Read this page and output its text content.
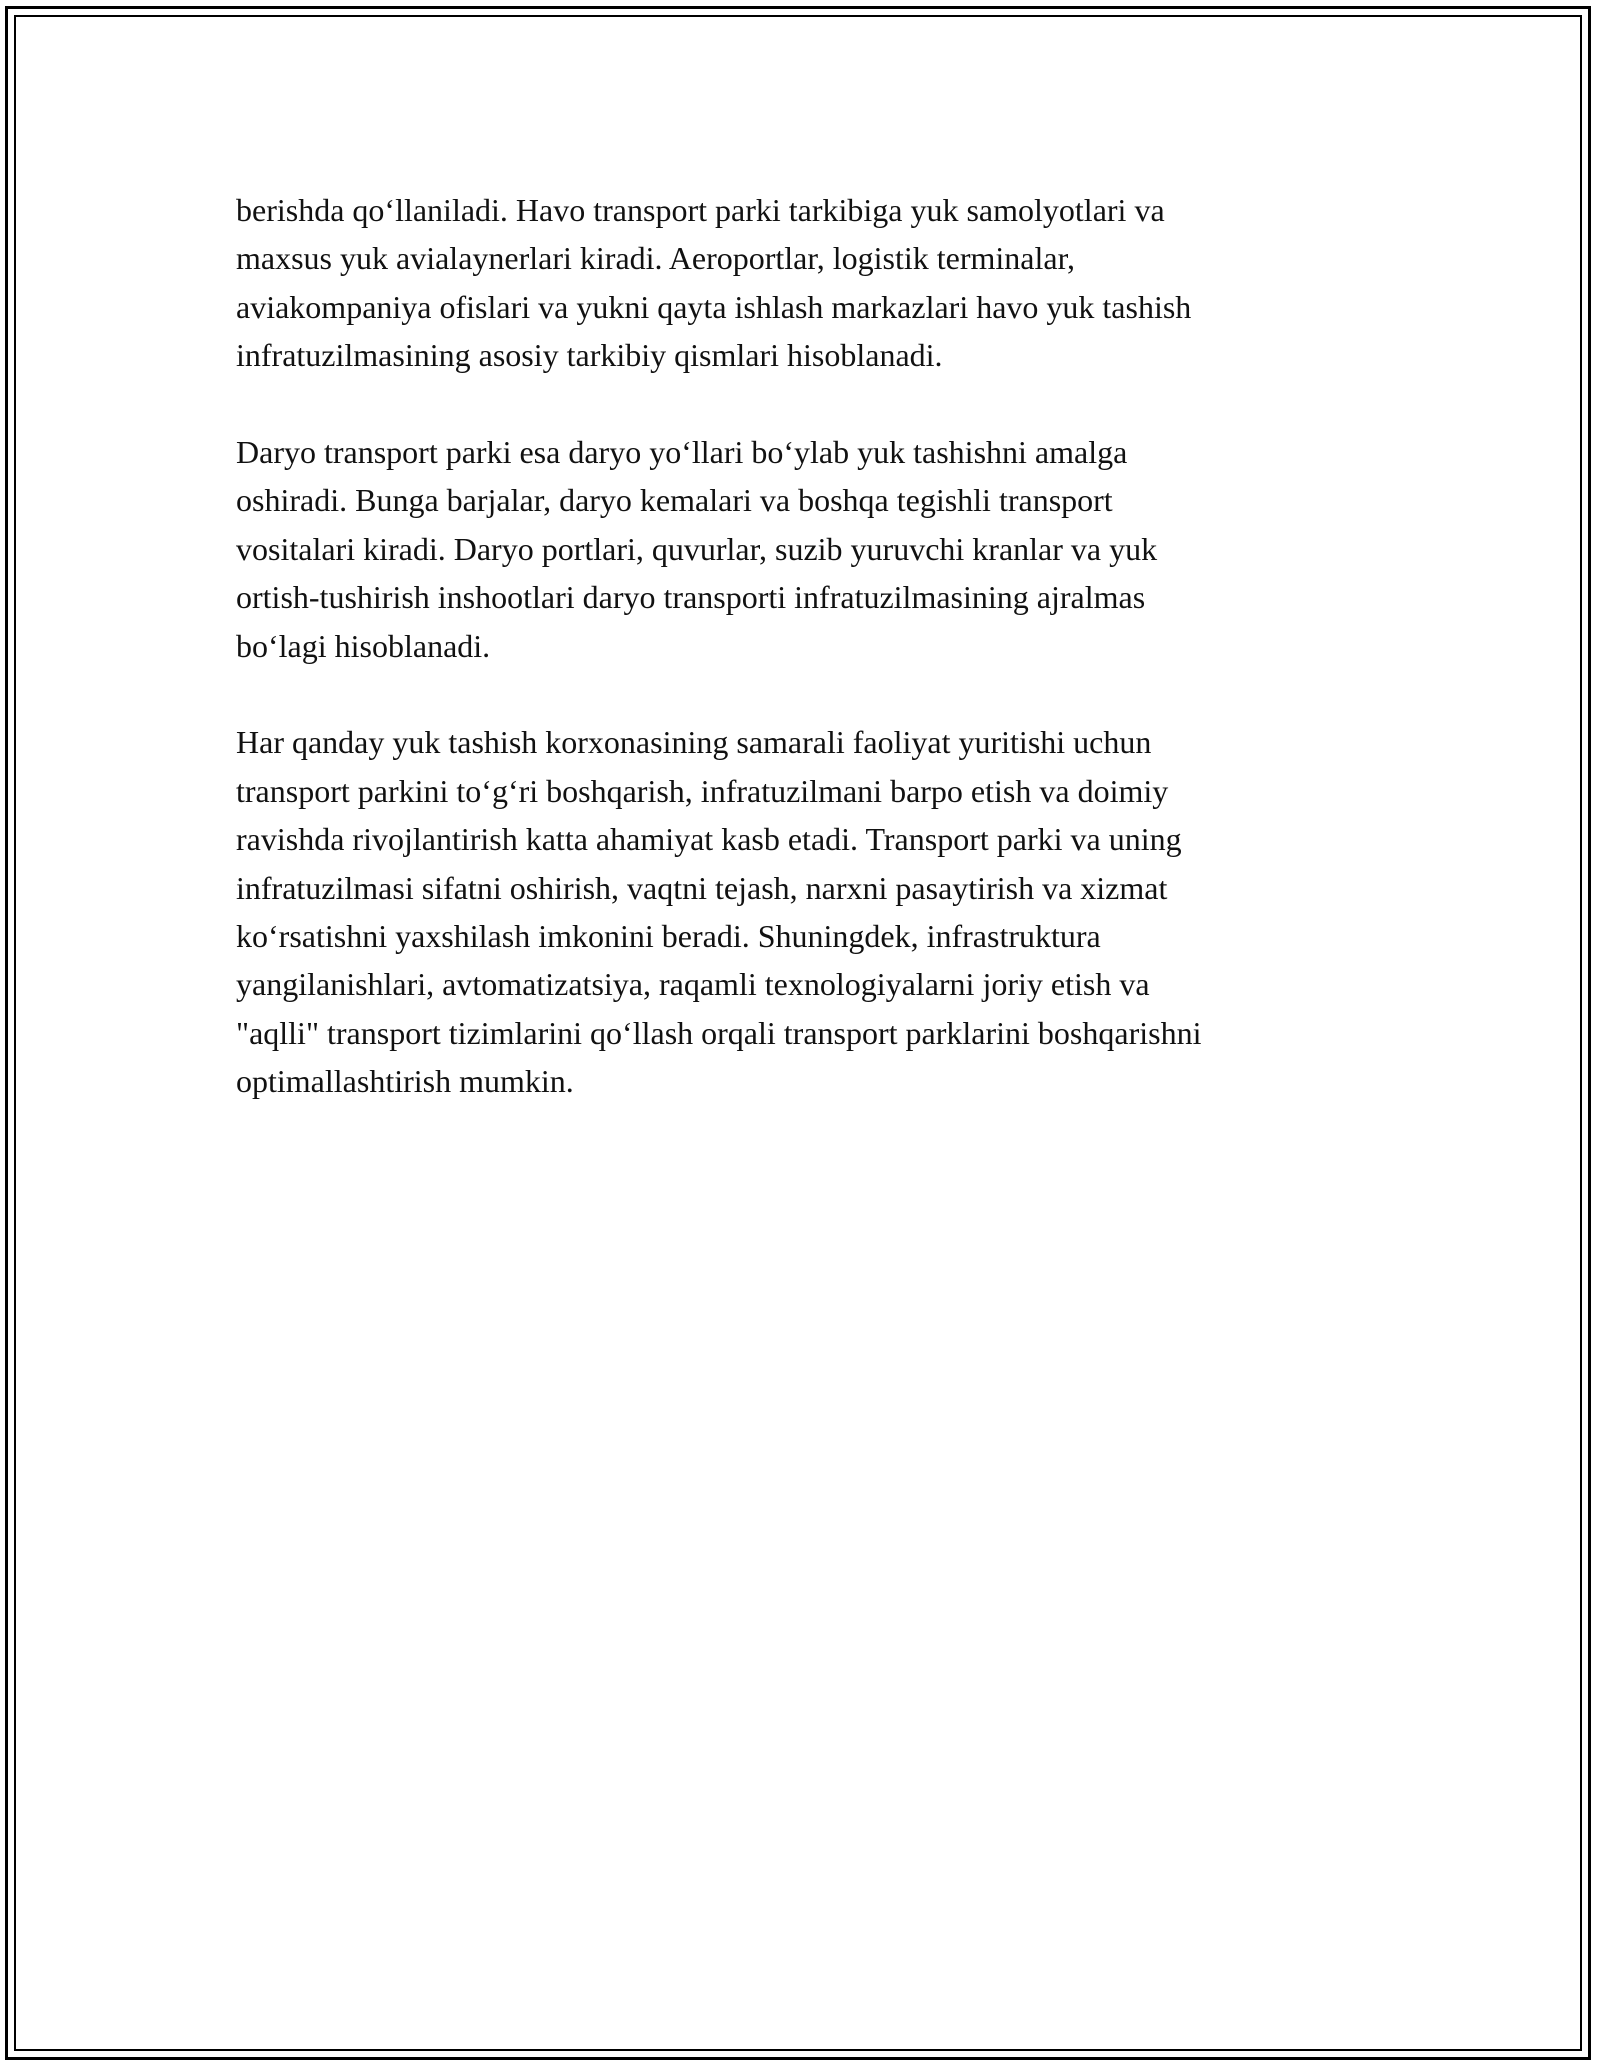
berishda qo‘llaniladi. Havo transport parki tarkibiga yuk samolyotlari va
maxsus yuk avialaynerlari kiradi. Aeroportlar, logistik terminalar,
aviakompaniya ofislari va yukni qayta ishlash markazlari havo yuk tashish
infratuzilmasining asosiy tarkibiy qismlari hisoblanadi.

Daryo transport parki esa daryo yo‘llari bo‘ylab yuk tashishni amalga
oshiradi. Bunga barjalar, daryo kemalari va boshqa tegishli transport
vositalari kiradi. Daryo portlari, quvurlar, suzib yuruvchi kranlar va yuk
ortish-tushirish inshootlari daryo transporti infratuzilmasining ajralmas
bo‘lagi hisoblanadi.

Har qanday yuk tashish korxonasining samarali faoliyat yuritishi uchun
transport parkini to‘g‘ri boshqarish, infratuzilmani barpo etish va doimiy
ravishda rivojlantirish katta ahamiyat kasb etadi. Transport parki va uning
infratuzilmasi sifatni oshirish, vaqtni tejash, narxni pasaytirish va xizmat
ko‘rsatishni yaxshilash imkonini beradi. Shuningdek, infrastruktura
yangilanishlari, avtomatizatsiya, raqamli texnologiyalarni joriy etish va
"aqlli" transport tizimlarini qo‘llash orqali transport parklarini boshqarishni
optimallashtirish mumkin.
